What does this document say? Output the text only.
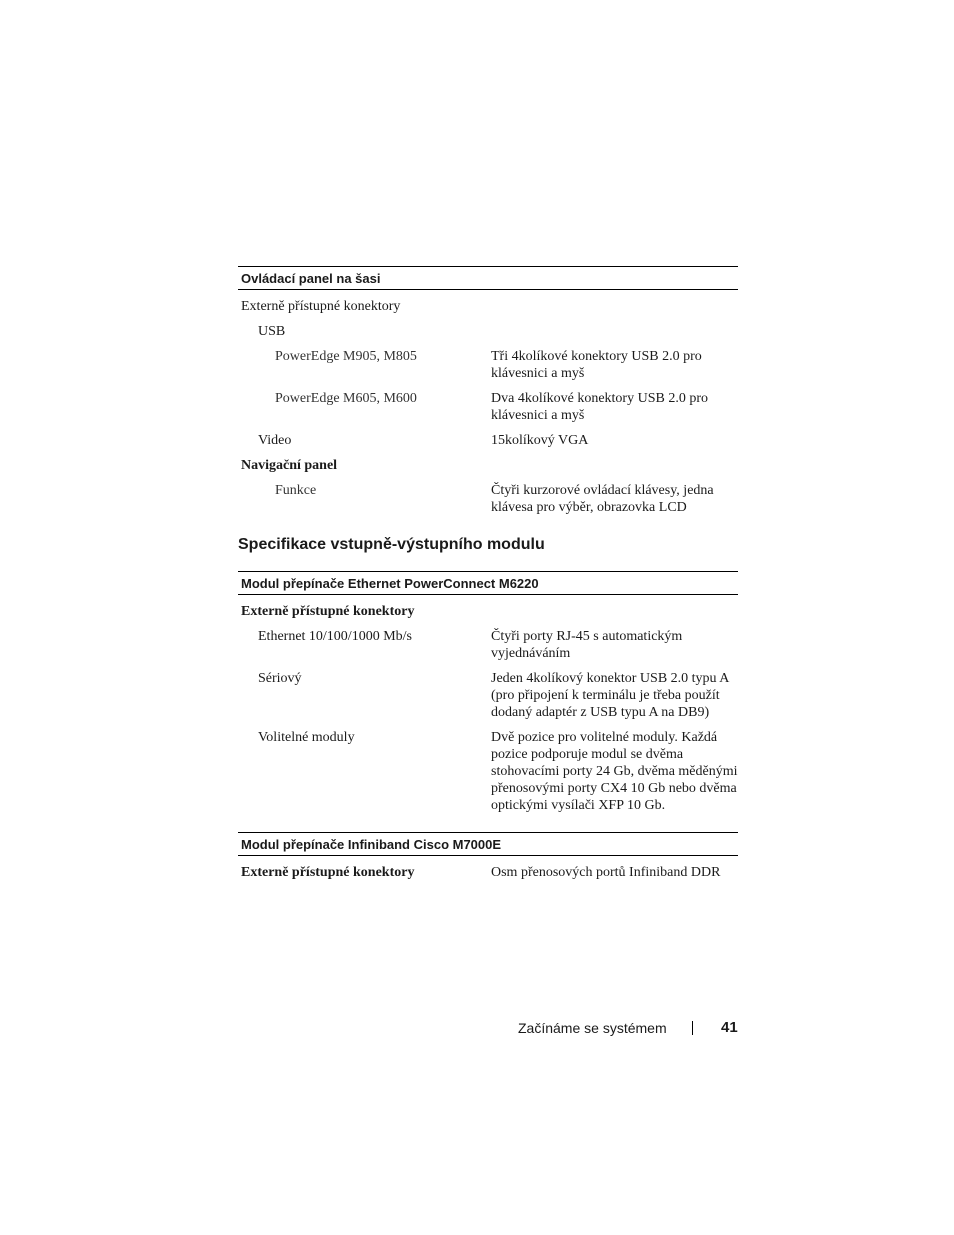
Ovládací panel na šasi
Externě přístupné konektory
USB
PowerEdge M905, M805	Tři 4kolíkové konektory USB 2.0 pro klávesnici a myš
PowerEdge M605, M600	Dva 4kolíkové konektory USB 2.0 pro klávesnici a myš
Video	15kolíkový VGA
Navigační panel
Funkce	Čtyři kurzorové ovládací klávesy, jedna klávesa pro výběr, obrazovka LCD
Specifikace vstupně-výstupního modulu
Modul přepínače Ethernet PowerConnect M6220
Externě přístupné konektory
Ethernet 10/100/1000 Mb/s	Čtyři porty RJ-45 s automatickým vyjednáváním
Sériový	Jeden 4kolíkový konektor USB 2.0 typu A (pro připojení k terminálu je třeba použít dodaný adaptér z USB typu A na DB9)
Volitelné moduly	Dvě pozice pro volitelné moduly. Každá pozice podporuje modul se dvěma stohovacími porty 24 Gb, dvěma měděnými přenosovými porty CX4 10 Gb nebo dvěma optickými vysílači XFP 10 Gb.
Modul přepínače Infiniband Cisco M7000E
Externě přístupné konektory	Osm přenosových portů Infiniband DDR
Začínáme se systémem	41
